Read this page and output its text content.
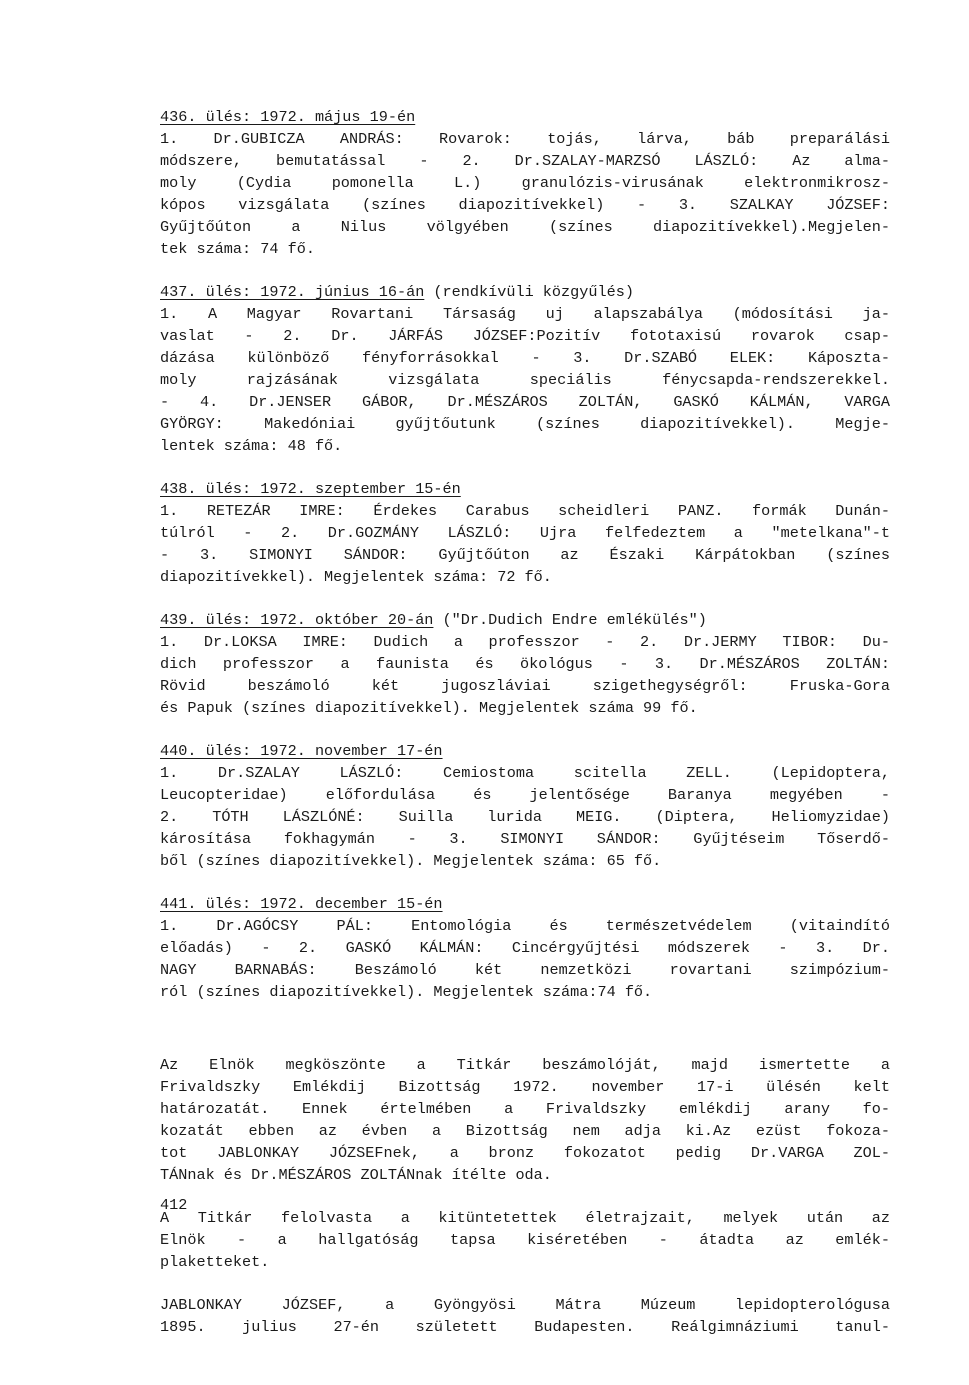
436. ülés: 1972. május 19-én
1. Dr.GUBICZA ANDRÁS: Rovarok: tojás, lárva, báb preparálási
módszere, bemutatással - 2. Dr.SZALAY-MARZSÓ LÁSZLÓ: Az alma-
moly (Cydia pomonella L.) granulózis-virusának elektronmikrosz-
kópos vizsgálata (színes diapozitívekkel) - 3. SZALKAY JÓZSEF:
Gyűjtőúton a Nilus völgyében (színes diapozitívekkel).Megjelen-
tek száma: 74 fő.
437. ülés: 1972. június 16-án (rendkívüli közgyűlés)
1. A Magyar Rovartani Társaság uj alapszabálya (módosítási ja-
vaslat - 2. Dr. JÁRFÁS JÓZSEF:Pozitív fototaxisú rovarok csap-
dázása különböző fényforrásokkal - 3. Dr.SZABÓ ELEK: Káposzta-
moly rajzásának vizsgálata speciális fénycsapda-rendszerekkel.
- 4. Dr.JENSER GÁBOR, Dr.MÉSZÁROS ZOLTÁN, GASKÓ KÁLMÁN, VARGA
GYÖRGY: Makedóniai gyűjtőutunk (színes diapozitívekkel). Megje-
lentek száma: 48 fő.
438. ülés: 1972. szeptember 15-én
1. RETEZÁR IMRE: Érdekes Carabus scheidleri PANZ. formák Dunán-
túlról - 2. Dr.GOZMÁNY LÁSZLÓ: Ujra felfedeztem a "metelkana"-t
- 3. SIMONYI SÁNDOR: Gyűjtőúton az Északi Kárpátokban (színes
diapozitívekkel). Megjelentek száma: 72 fő.
439. ülés: 1972. október 20-án ("Dr.Dudich Endre emlékülés")
1. Dr.LOKSA IMRE: Dudich a professzor - 2. Dr.JERMY TIBOR: Du-
dich professzor a faunista és ökológus - 3. Dr.MÉSZÁROS ZOLTÁN:
Rövid beszámoló két jugoszláviai szigethegységről: Fruska-Gora
és Papuk (színes diapozitívekkel). Megjelentek száma 99 fő.
440. ülés: 1972. november 17-én
1. Dr.SZALAY LÁSZLÓ: Cemiostoma scitella ZELL. (Lepidoptera,
Leucopteridae) előfordulása és jelentősége Baranya megyében -
2. TÓTH LÁSZLÓNÉ: Suilla lurida MEIG. (Diptera, Heliomyzidae)
károsítása fokhagymán - 3. SIMONYI SÁNDOR: Gyűjtéseim Tőserdő-
ből (színes diapozitívekkel). Megjelentek száma: 65 fő.
441. ülés: 1972. december 15-én
1. Dr.AGÓCSY PÁL: Entomológia és természetvédelem (vitaindító
előadás) - 2. GASKÓ KÁLMÁN: Cincérgyűjtési módszerek - 3. Dr.
NAGY BARNABÁS: Beszámoló két nemzetközi rovartani szimpózium-
ról (színes diapozitívekkel). Megjelentek száma:74 fő.
Az Elnök megköszönte a Titkár beszámolóját, majd ismertette a
Frivaldszky Emlékdij Bizottság 1972. november 17-i ülésén kelt
határozatát. Ennek értelmében a Frivaldszky emlékdij arany fo-
kozatát ebben az évben a Bizottság nem adja ki.Az ezüst fokoza-
tot JABLONKAY JÓZSEFnek, a bronz fokozatot pedig Dr.VARGA ZOL-
TÁNnak és Dr.MÉSZÁROS ZOLTÁNnak ítélte oda.
A Titkár felolvasta a kitüntetettek életrajzait, melyek után az
Elnök - a hallgatóság tapsa kiséretében - átadta az emlék-
plaketteket.
JABLONKAY JÓZSEF, a Gyöngyösi Mátra Múzeum lepidopterológusa
1895. julius 27-én született Budapesten. Reálgimnáziumi tanul-
412
